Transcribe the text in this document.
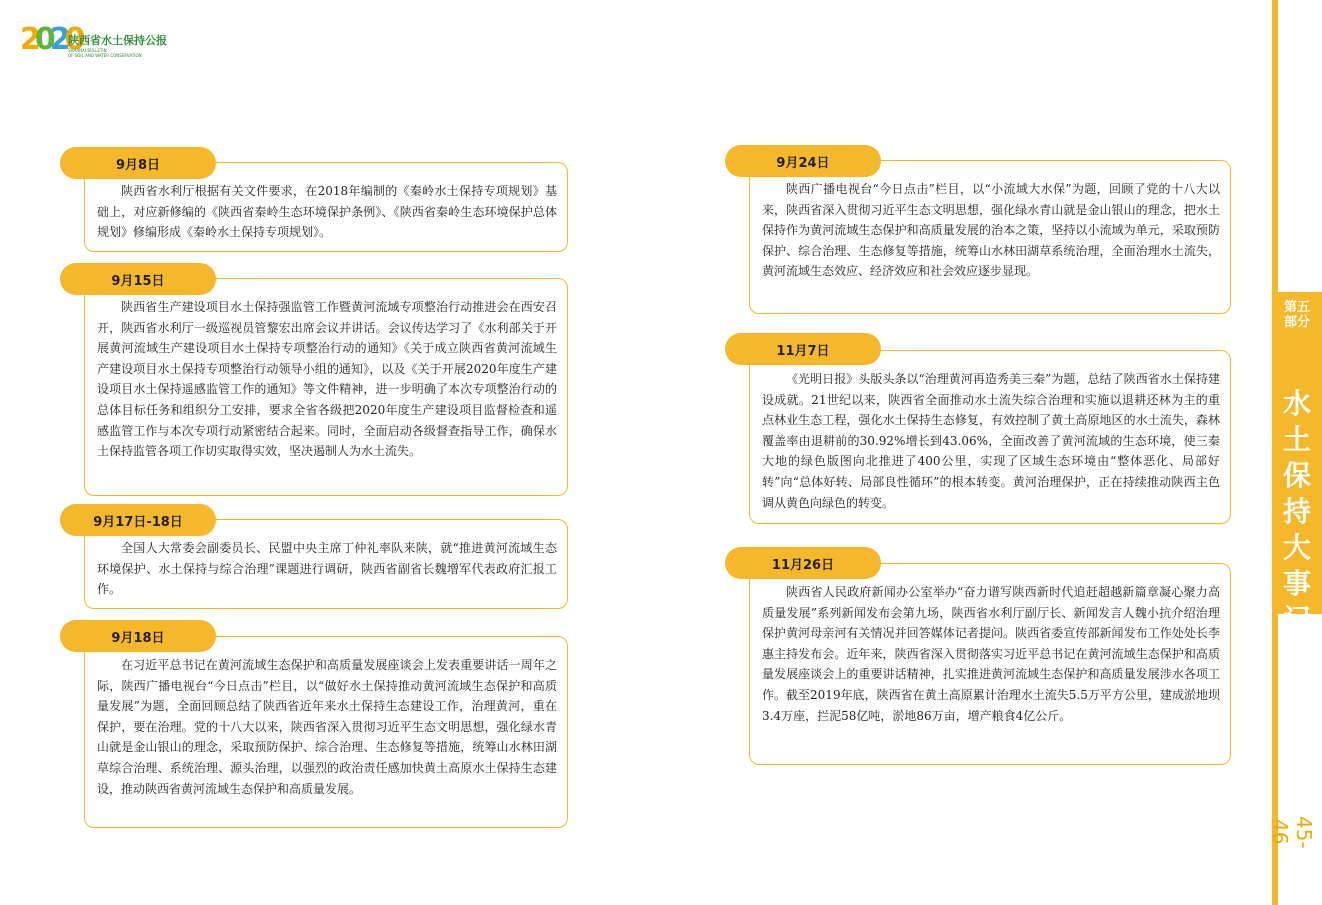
2020
陕西省水土保持公报
SHAANXI BULLETIN
OF SOIL AND WATER CONSERVATION
9月8日

陕西省水利厅根据有关文件要求，在2018年编制的《秦岭水土保持专项规划》基础上，对应新修编的《陕西省秦岭生态环境保护条例》、《陕西省秦岭生态环境保护总体规划》修编形成《秦岭水土保持专项规划》。

9月15日

陕西省生产建设项目水土保持强监管工作暨黄河流域专项整治行动推进会在西安召开，陕西省水利厅一级巡视员管黎宏出席会议并讲话。会议传达学习了《水利部关于开展黄河流域生产建设项目水土保持专项整治行动的通知》《关于成立陕西省黄河流域生产建设项目水土保持专项整治行动领导小组的通知》，以及《关于开展2020年度生产建设项目水土保持遥感监管工作的通知》等文件精神，进一步明确了本次专项整治行动的总体目标任务和组织分工安排，要求全省各级把2020年度生产建设项目监督检查和遥感监管工作与本次专项行动紧密结合起来。同时，全面启动各级督查指导工作，确保水土保持监管各项工作切实取得实效，坚决遏制人为水土流失。

9月17日-18日

全国人大常委会副委员长、民盟中央主席丁仲礼率队来陕，就“推进黄河流域生态环境保护、水土保持与综合治理”课题进行调研，陕西省副省长魏增军代表政府汇报工作。

9月18日

在习近平总书记在黄河流域生态保护和高质量发展座谈会上发表重要讲话一周年之际，陕西广播电视台“今日点击”栏目，以“做好水土保持推动黄河流域生态保护和高质量发展”为题，全面回顾总结了陕西省近年来水土保持生态建设工作，治理黄河，重在保护，要在治理。党的十八大以来，陕西省深入贯彻习近平生态文明思想，强化绿水青山就是金山银山的理念，采取预防保护、综合治理、生态修复等措施，统筹山水林田湖草综合治理、系统治理、源头治理，以强烈的政治责任感加快黄土高原水土保持生态建设，推动陕西省黄河流域生态保护和高质量发展。

9月24日

陕西广播电视台“今日点击”栏目，以“小流域大水保”为题，回顾了党的十八大以来，陕西省深入贯彻习近平生态文明思想，强化绿水青山就是金山银山的理念，把水土保持作为黄河流域生态保护和高质量发展的治本之策，坚持以小流域为单元，采取预防保护、综合治理、生态修复等措施，统筹山水林田湖草系统治理，全面治理水土流失，黄河流域生态效应、经济效应和社会效应逐步显现。

11月7日

《光明日报》头版头条以“治理黄河再造秀美三秦”为题，总结了陕西省水土保持建设成就。21世纪以来，陕西省全面推动水土流失综合治理和实施以退耕还林为主的重点林业生态工程，强化水土保持生态修复，有效控制了黄土高原地区的水土流失，森林覆盖率由退耕前的30.92%增长到43.06%，全面改善了黄河流域的生态环境，使三秦大地的绿色版图向北推进了400公里，实现了区域生态环境由“整体恶化、局部好转”向“总体好转、局部良性循环”的根本转变。黄河治理保护，正在持续推动陕西主色调从黄色向绿色的转变。

11月26日

陕西省人民政府新闻办公室举办“奋力谱写陕西新时代追赶超越新篇章凝心聚力高质量发展”系列新闻发布会第九场，陕西省水利厅副厅长、新闻发言人魏小抗介绍治理保护黄河母亲河有关情况并回答媒体记者提问。陕西省委宣传部新闻发布工作处处长李惠主持发布会。近年来，陕西省深入贯彻落实习近平总书记在黄河流域生态保护和高质量发展座谈会上的重要讲话精神，扎实推进黄河流域生态保护和高质量发展涉水各项工作。截至2019年底，陕西省在黄土高原累计治理水土流失5.5万平方公里，建成淤地坝3.4万座，拦泥58亿吨，淤地86万亩，增产粮食4亿公斤。

第五部分
水土保持大事记
45-46
